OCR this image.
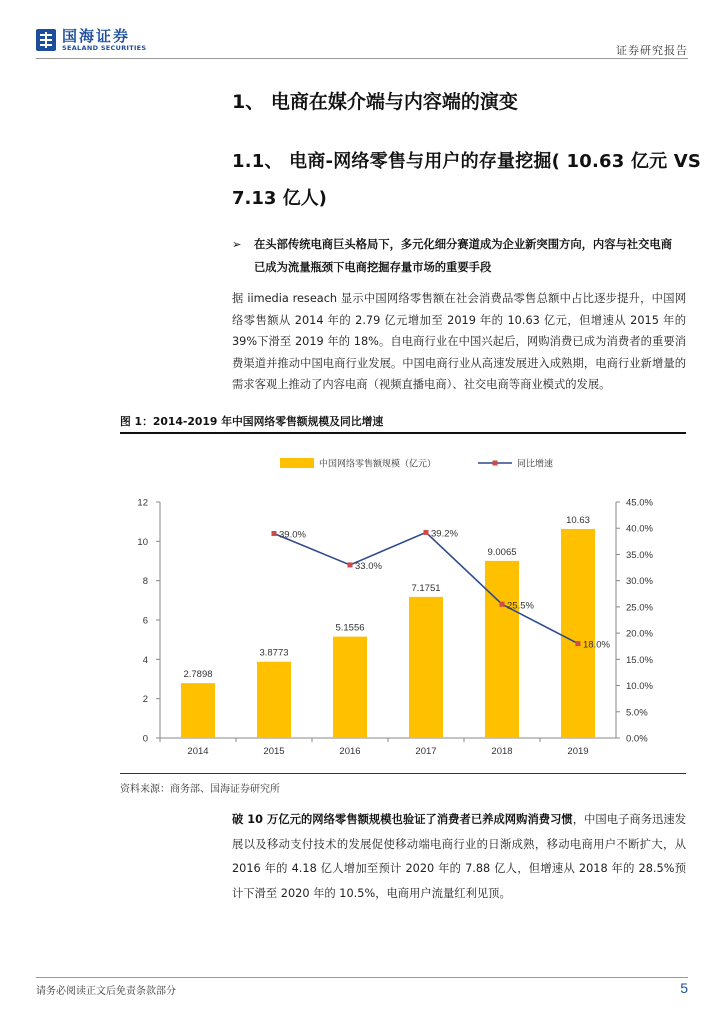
国海证券
SEALAND SECURITIES	证券研究报告
1、 电商在媒介端与内容端的演变
1.1、 电商-网络零售与用户的存量挖掘( 10.63 亿元 VS
7.13 亿人)
➢	在头部传统电商巨头格局下，多元化细分赛道成为企业新突围方向，内容与社交电商已成为流量瓶颈下电商挖掘存量市场的重要手段
据 iimedia reseach 显示中国网络零售额在社会消费品零售总额中占比逐步提升，中国网络零售额从 2014 年的 2.79 亿元增加至 2019 年的 10.63 亿元，但增速从 2015 年的 39%下滑至 2019 年的 18%。自电商行业在中国兴起后，网购消费已成为消费者的重要消费渠道并推动中国电商行业发展。中国电商行业从高速发展进入成熟期，电商行业新增量的需求客观上推动了内容电商（视频直播电商）、社交电商等商业模式的发展。
图 1：2014-2019 年中国网络零售额规模及同比增速
0
2
4
6
8
10
12
0.0%
5.0%
10.0%
15.0%
20.0%
25.0%
30.0%
35.0%
40.0%
45.0%
2014	2015	2016	2017	2018	2019
2.7898
3.8773
5.1556
7.1751
9.0065
10.63
39.0%
33.0%
39.2%
25.5%
18.0%
中国网络零售额规模（亿元）	同比增速
资料来源：商务部、国海证券研究所
破 10 万亿元的网络零售额规模也验证了消费者已养成网购消费习惯，中国电子商务迅速发展以及移动支付技术的发展促使移动端电商行业的日渐成熟，移动电商用户不断扩大，从 2016 年的 4.18 亿人增加至预计 2020 年的 7.88 亿人，但增速从 2018 年的 28.5%预计下滑至 2020 年的 10.5%，电商用户流量红利见顶。
请务必阅读正文后免责条款部分	5
